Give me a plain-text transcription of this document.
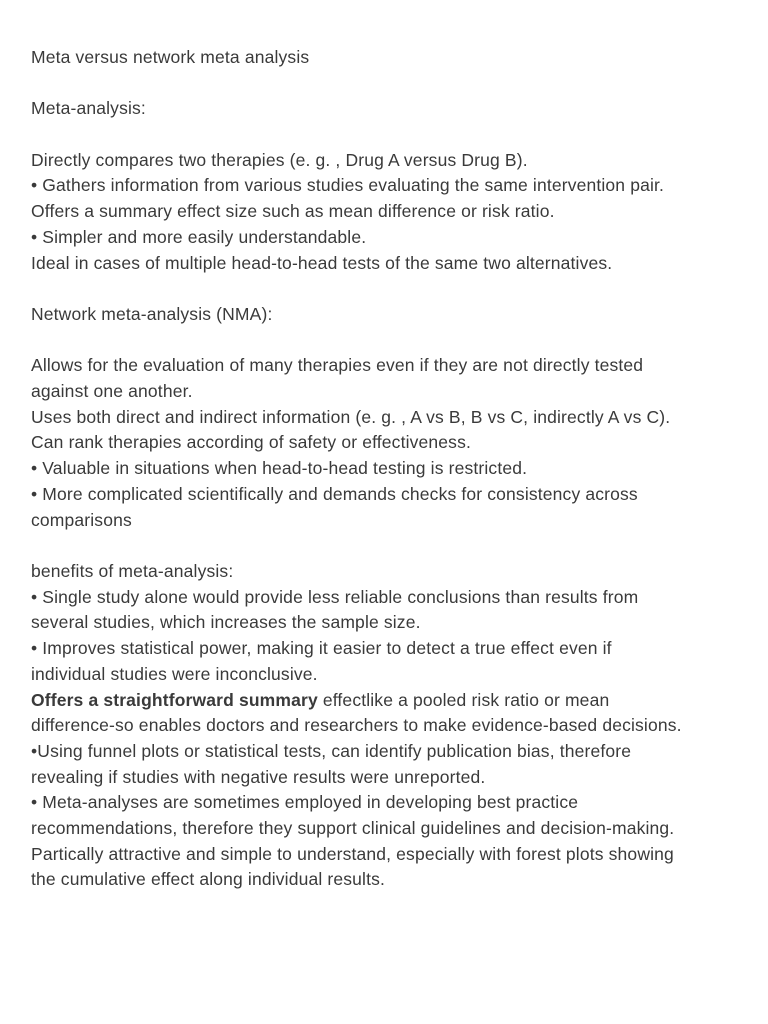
Meta versus network meta analysis
Meta-analysis:
Directly compares two therapies (e. g. , Drug A versus Drug B).
• Gathers information from various studies evaluating the same intervention pair.
Offers a summary effect size such as mean difference or risk ratio.
• Simpler and more easily understandable.
Ideal in cases of multiple head-to-head tests of the same two alternatives.
Network meta-analysis (NMA):
Allows for the evaluation of many therapies even if they are not directly tested
against one another.
Uses both direct and indirect information (e. g. , A vs B, B vs C, indirectly A vs C).
Can rank therapies according of safety or effectiveness.
• Valuable in situations when head-to-head testing is restricted.
• More complicated scientifically and demands checks for consistency across
comparisons
benefits of meta-analysis:
• Single study alone would provide less reliable conclusions than results from
several studies, which increases the sample size.
• Improves statistical power, making it easier to detect a true effect even if
individual studies were inconclusive.
Offers a straightforward summary effectlike a pooled risk ratio or mean
difference-so enables doctors and researchers to make evidence-based decisions.
•Using funnel plots or statistical tests, can identify publication bias, therefore
revealing if studies with negative results were unreported.
• Meta-analyses are sometimes employed in developing best practice
recommendations, therefore they support clinical guidelines and decision-making.
Partically attractive and simple to understand, especially with forest plots showing
the cumulative effect along individual results.
